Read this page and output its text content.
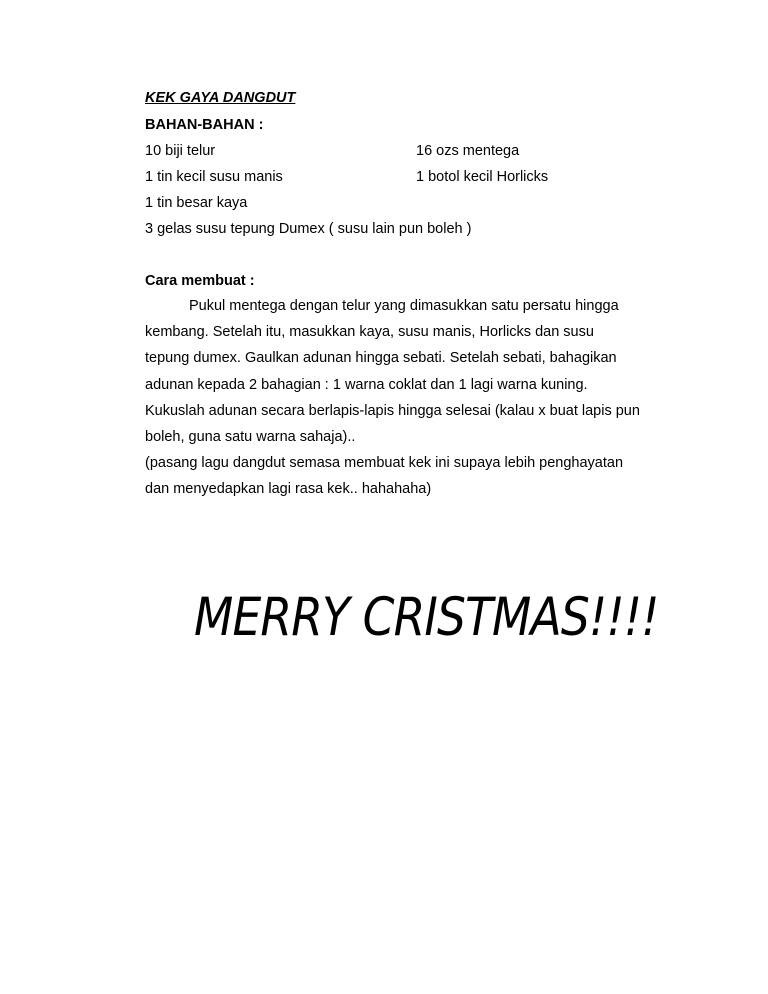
KEK GAYA DANGDUT
BAHAN-BAHAN :
10 biji telur	16 ozs mentega
1 tin kecil susu manis	1 botol kecil Horlicks
1 tin besar kaya
3 gelas susu tepung Dumex ( susu lain pun boleh )
Cara membuat :
Pukul mentega dengan telur yang dimasukkan satu persatu hingga
kembang. Setelah itu, masukkan kaya, susu manis, Horlicks dan susu
tepung dumex. Gaulkan adunan hingga sebati. Setelah sebati, bahagikan
adunan kepada 2 bahagian : 1 warna coklat dan 1 lagi warna kuning.
Kukuslah adunan secara berlapis-lapis hingga selesai (kalau x buat lapis pun
boleh, guna satu warna sahaja)..
(pasang lagu dangdut semasa membuat kek ini supaya lebih penghayatan
dan menyedapkan lagi rasa kek.. hahahaha)
MERRY CRISTMAS!!!!
